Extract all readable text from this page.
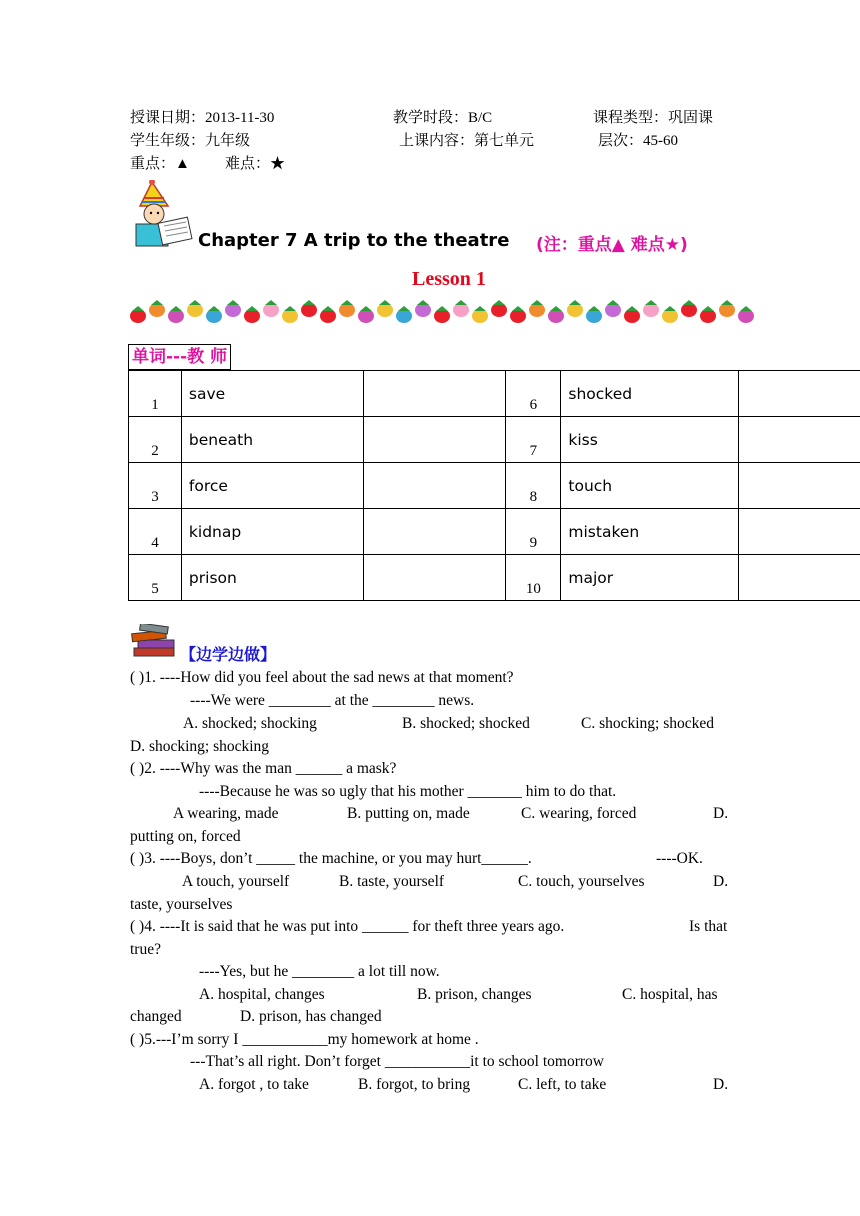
授课日期：2013-11-30	教学时段：B/C	课程类型：巩固课
学生年级：九年级	上课内容：第七单元	层次：45-60
重点：▲ 难点：★
Chapter 7 A trip to the theatre (注：重点▲ 难点★)
Lesson 1
单词---教 师
1	save		6	shocked	

2	beneath		7	kiss	

3	force		8	touch	

4	kidnap		9	mistaken	

5	prison		10	major	

【边学边做】
( )1. ----How did you feel about the sad news at that moment?
----We were ________ at the ________ news.
A. shocked; shocking	B. shocked; shocked	C. shocking; shocked
D. shocking; shocking
( )2. ----Why was the man ______ a mask?
----Because he was so ugly that his mother _______ him to do that.
A wearing, made	B. putting on, made	C. wearing, forced	D.
putting on, forced
( )3. ----Boys, don’t _____ the machine, or you may hurt______.	----OK.
A touch, yourself	B. taste, yourself	C. touch, yourselves	D.
taste, yourselves
( )4. ----It is said that he was put into ______ for theft three years ago.	Is that
true?
----Yes, but he ________ a lot till now.
A. hospital, changes	B. prison, changes	C. hospital, has
changed	D. prison, has changed
( )5.---I’m sorry I ___________my homework at home .
---That’s all right. Don’t forget ___________it to school tomorrow
A. forgot , to take	B. forgot, to bring	C. left, to take	D.
